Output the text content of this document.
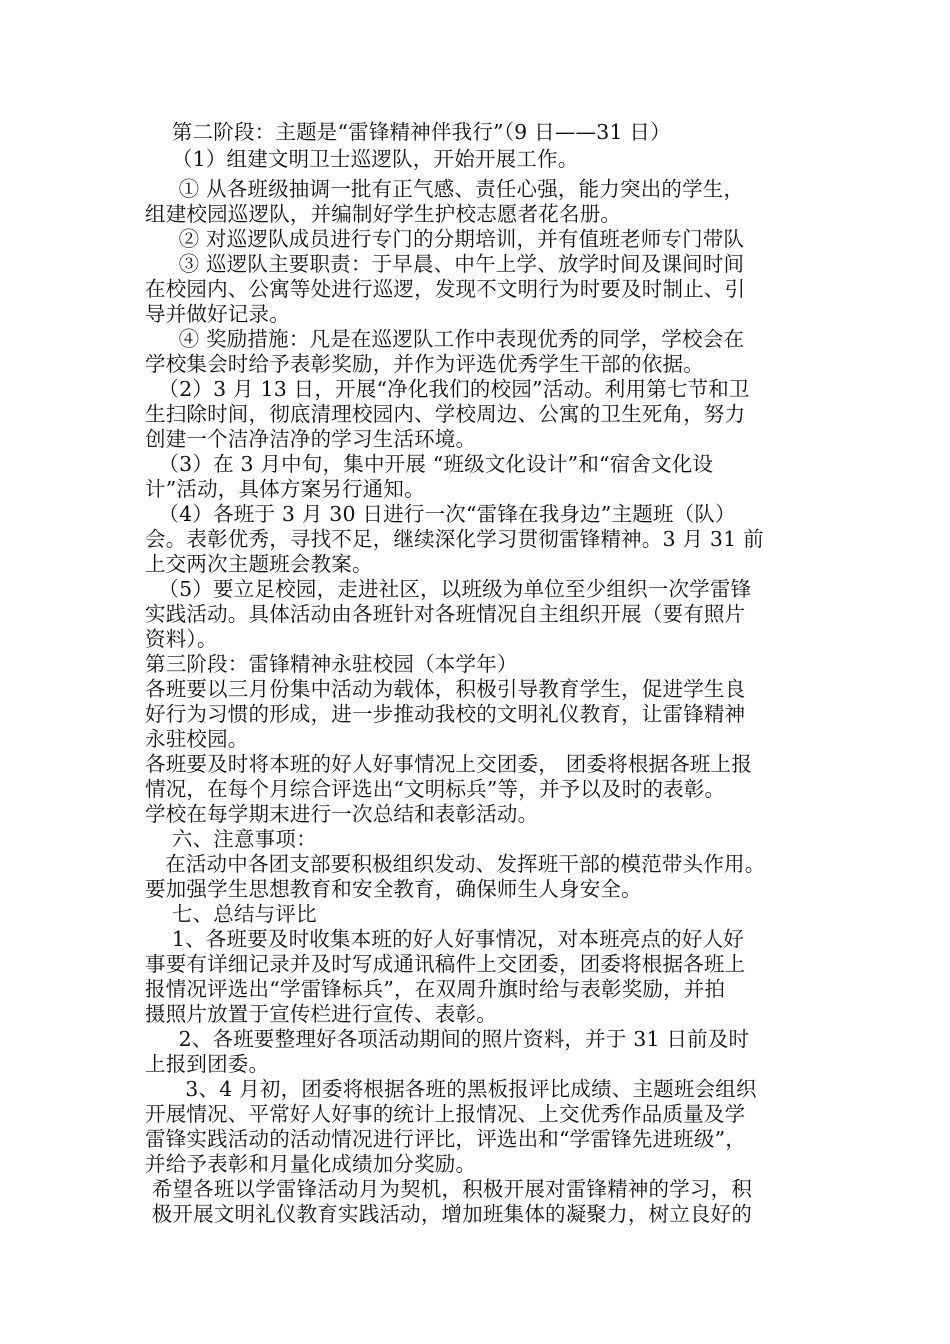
第二阶段：主题是“雷锋精神伴我行”（9 日——31 日）
（1）组建文明卫士巡逻队，开始开展工作。
① 从各班级抽调一批有正气感、责任心强，能力突出的学生，
组建校园巡逻队，并编制好学生护校志愿者花名册。
② 对巡逻队成员进行专门的分期培训，并有值班老师专门带队
③ 巡逻队主要职责：于早晨、中午上学、放学时间及课间时间
在校园内、公寓等处进行巡逻，发现不文明行为时要及时制止、引
导并做好记录。
④ 奖励措施：凡是在巡逻队工作中表现优秀的同学，学校会在
学校集会时给予表彰奖励，并作为评选优秀学生干部的依据。
（2）3 月 13 日，开展“净化我们的校园”活动。利用第七节和卫
生扫除时间，彻底清理校园内、学校周边、公寓的卫生死角，努力
创建一个洁净洁净的学习生活环境。
（3）在 3 月中旬，集中开展 “班级文化设计”和“宿舍文化设
计”活动，具体方案另行通知。
（4）各班于 3 月 30 日进行一次“雷锋在我身边”主题班（队）
会。表彰优秀，寻找不足，继续深化学习贯彻雷锋精神。3 月 31 前
上交两次主题班会教案。
（5）要立足校园，走进社区，以班级为单位至少组织一次学雷锋
实践活动。具体活动由各班针对各班情况自主组织开展（要有照片
资料）。
第三阶段：雷锋精神永驻校园（本学年）
各班要以三月份集中活动为载体，积极引导教育学生，促进学生良
好行为习惯的形成，进一步推动我校的文明礼仪教育，让雷锋精神
永驻校园。
各班要及时将本班的好人好事情况上交团委， 团委将根据各班上报
情况，在每个月综合评选出“文明标兵”等，并予以及时的表彰。
学校在每学期末进行一次总结和表彰活动。
六、注意事项：
在活动中各团支部要积极组织发动、发挥班干部的模范带头作用。
要加强学生思想教育和安全教育，确保师生人身安全。
七、总结与评比
1、各班要及时收集本班的好人好事情况，对本班亮点的好人好
事要有详细记录并及时写成通讯稿件上交团委，团委将根据各班上
报情况评选出“学雷锋标兵”，在双周升旗时给与表彰奖励，并拍
摄照片放置于宣传栏进行宣传、表彰。
2、各班要整理好各项活动期间的照片资料，并于 31 日前及时
上报到团委。
3、4 月初，团委将根据各班的黑板报评比成绩、主题班会组织
开展情况、平常好人好事的统计上报情况、上交优秀作品质量及学
雷锋实践活动的活动情况进行评比，评选出和“学雷锋先进班级”，
并给予表彰和月量化成绩加分奖励。
希望各班以学雷锋活动月为契机，积极开展对雷锋精神的学习，积
极开展文明礼仪教育实践活动，增加班集体的凝聚力，树立良好的
